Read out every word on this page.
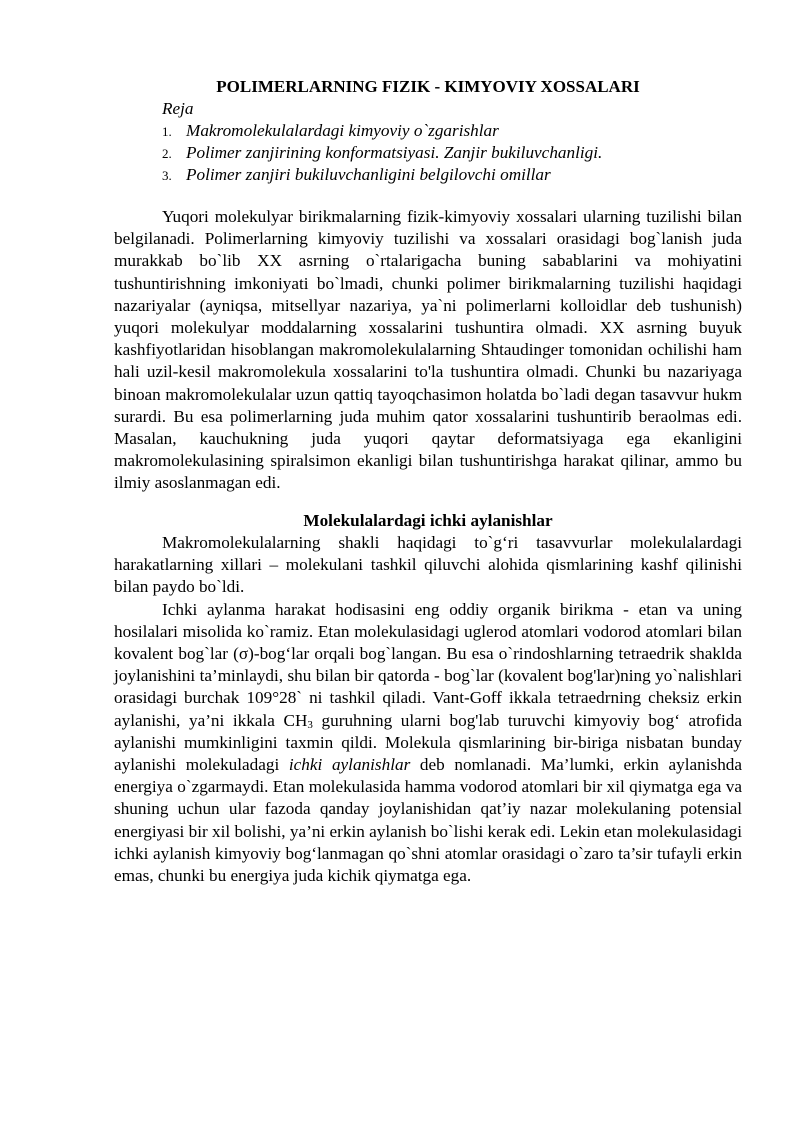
POLIMERLARNING FIZIK - KIMYOVIY XOSSALARI
Reja
1. Makromolekulalardagi kimyoviy o`zgarishlar
2. Polimer zanjirining konformatsiyasi. Zanjir bukiluvchanligi.
3. Polimer zanjiri bukiluvchanligini belgilovchi omillar

Yuqori molekulyar birikmalarning fizik-kimyoviy xossalari ularning tuzilishi bilan belgilanadi. Polimerlarning kimyoviy tuzilishi va xossalari orasidagi bog`lanish juda murakkab bo`lib XX asrning o`rtalarigacha buning sabablarini va mohiyatini tushuntirishning imkoniyati bo`lmadi, chunki polimer birikmalarning tuzilishi haqidagi nazariyalar (ayniqsa, mitsellyar nazariya, ya`ni polimerlarni kolloidlar deb tushunish) yuqori molekulyar moddalarning xossalarini tushuntira olmadi. XX asrning buyuk kashfiyotlaridan hisoblangan makromolekulalarning Shtaudinger tomonidan ochilishi ham hali uzil-kesil makromolekula xossalarini to'la tushuntira olmadi. Chunki bu nazariyaga binoan makromolekulalar uzun qattiq tayoqchasimon holatda bo`ladi degan tasavvur hukm surardi. Bu esa polimerlarning juda muhim qator xossalarini tushuntirib beraolmas edi. Masalan, kauchukning juda yuqori qaytar deformatsiyaga ega ekanligini makromolekulasining spiralsimon ekanligi bilan tushuntirishga harakat qilinar, ammo bu ilmiy asoslanmagan edi.

Molekulalardagi ichki aylanishlar

Makromolekulalarning shakli haqidagi to`g‘ri tasavvurlar molekulalardagi harakatlarning xillari – molekulani tashkil qiluvchi alohida qismlarining kashf qilinishi bilan paydo bo`ldi.

Ichki aylanma harakat hodisasini eng oddiy organik birikma - etan va uning hosilalari misolida ko`ramiz. Etan molekulasidagi uglerod atomlari vodorod atomlari bilan kovalent bog`lar (σ)-bog‘lar orqali bog`langan. Bu esa o`rindoshlarning tetraedrik shaklda joylanishini ta’minlaydi, shu bilan bir qatorda - bog`lar (kovalent bog'lar)ning yo`nalishlari orasidagi burchak 109°28` ni tashkil qiladi. Vant-Goff ikkala tetraedrning cheksiz erkin aylanishi, ya’ni ikkala $CH_3$ guruhning ularni bog'lab turuvchi kimyoviy bog‘ atrofida aylanishi mumkinligini taxmin qildi. Molekula qismlarining bir-biriga nisbatan bunday aylanishi molekuladagi ichki aylanishlar deb nomlanadi. Ma’lumki, erkin aylanishda energiya o`zgarmaydi. Etan molekulasida hamma vodorod atomlari bir xil qiymatga ega va shuning uchun ular fazoda qanday joylanishidan qat’iy nazar molekulaning potensial energiyasi bir xil bolishi, ya’ni erkin aylanish bo`lishi kerak edi. Lekin etan molekulasidagi ichki aylanish kimyoviy bog‘lanmagan qo`shni atomlar orasidagi o`zaro ta’sir tufayli erkin emas, chunki bu energiya juda kichik qiymatga ega.
